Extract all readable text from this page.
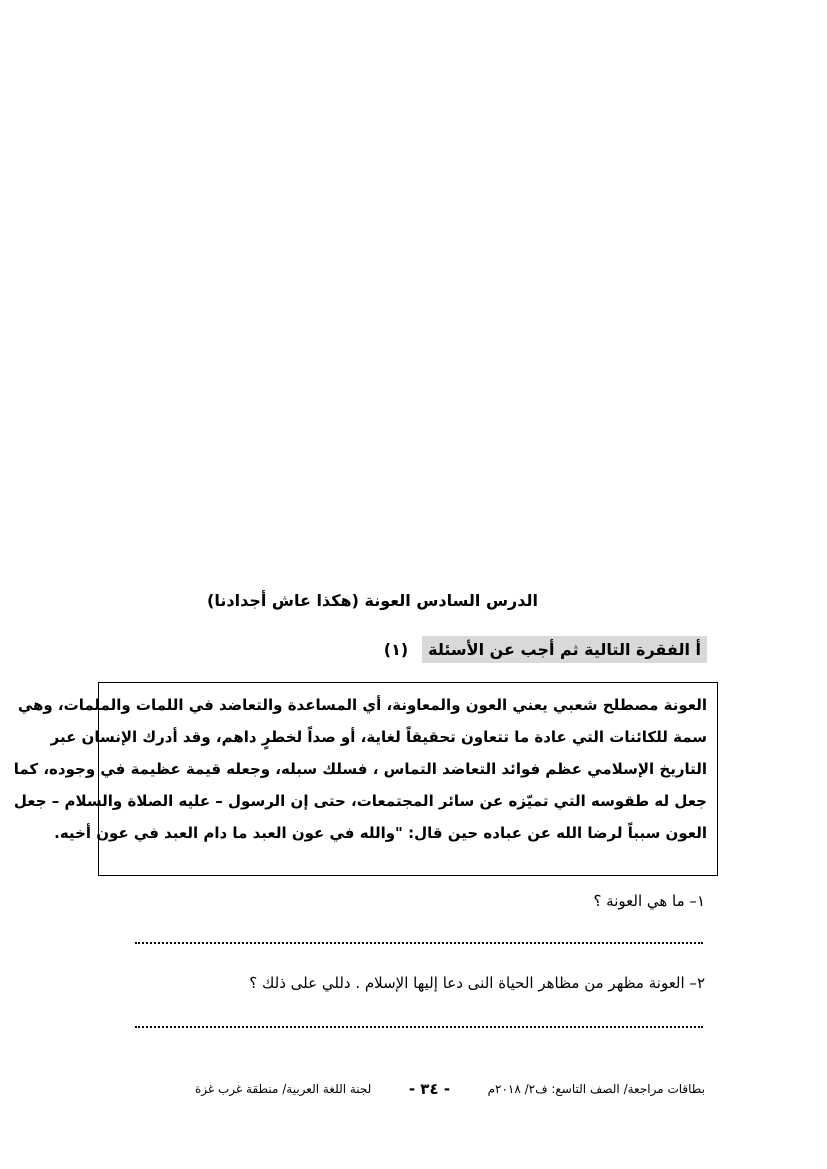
الدرس السادس العونة (هكذا عاش أجدادنا)
(١)	أ الفقرة التالية ثم أجب عن الأسئلة
العونة مصطلح شعبي يعني العون والمعاونة، أي المساعدة والتعاضد في اللمات والملمات، وهي
سمة للكائنات التي عادة ما تتعاون تحقيقاً لغاية، أو صداً لخطرٍ داهم، وقد أدرك الإنسان عبر
التاريخ الإسلامي عظم فوائد التعاضد التماس ، فسلك سبله، وجعله قيمة عظيمة في وجوده، كما
جعل له طقوسه التي تميّزه عن سائر المجتمعات، حتى إن الرسول – عليه الصلاة والسلام – جعل
العون سبباً لرضا الله عن عباده حين قال: "والله في عون العبد ما دام العبد في عون أخيه.
١– ما هي العونة ؟
٢– العونة مظهر من مظاهر الحياة النى دعا إليها الإسلام . دللي على ذلك ؟
بطاقات مراجعة/ الصف التاسع: ف٢/ ٢٠١٨م
- ٣٤ -
لجنة اللغة العربية/ منطقة غرب غزة
